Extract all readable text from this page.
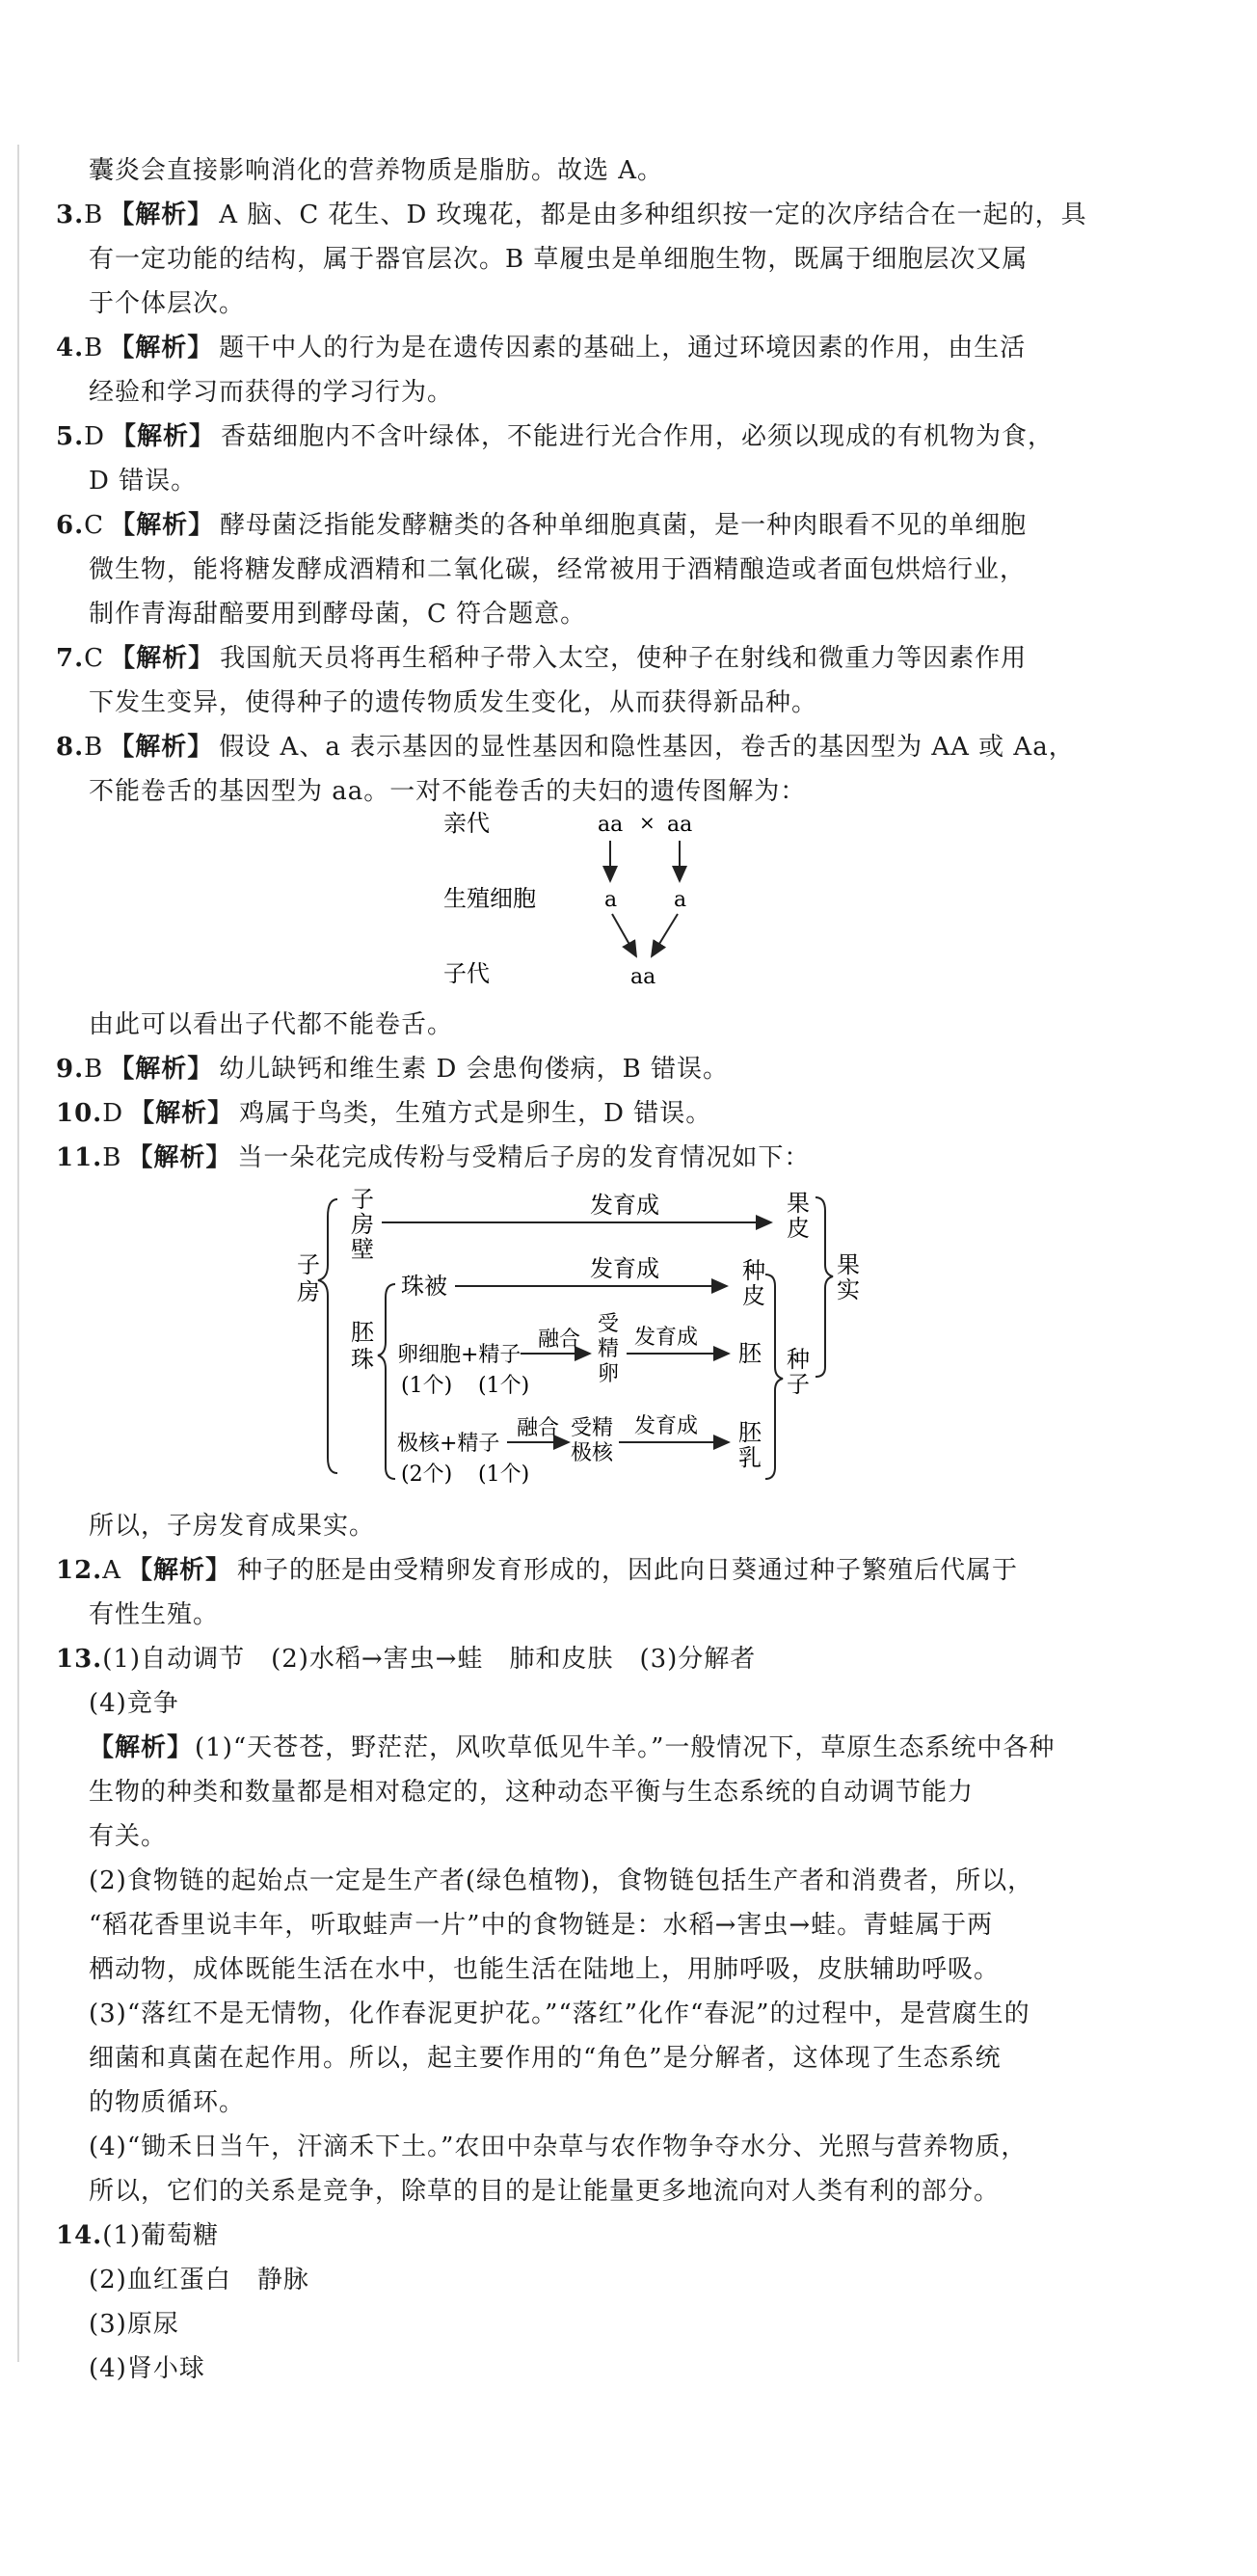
囊炎会直接影响消化的营养物质是脂肪。故选 A。
3.B 【解析】 A 脑、C 花生、D 玫瑰花，都是由多种组织按一定的次序结合在一起的，具
有一定功能的结构，属于器官层次。B 草履虫是单细胞生物，既属于细胞层次又属
于个体层次。
4.B 【解析】 题干中人的行为是在遗传因素的基础上，通过环境因素的作用，由生活
经验和学习而获得的学习行为。
5.D 【解析】 香菇细胞内不含叶绿体，不能进行光合作用，必须以现成的有机物为食，
D 错误。
6.C 【解析】 酵母菌泛指能发酵糖类的各种单细胞真菌，是一种肉眼看不见的单细胞
微生物，能将糖发酵成酒精和二氧化碳，经常被用于酒精酿造或者面包烘焙行业，
制作青海甜醅要用到酵母菌，C 符合题意。
7.C 【解析】 我国航天员将再生稻种子带入太空，使种子在射线和微重力等因素作用
下发生变异，使得种子的遗传物质发生变化，从而获得新品种。
8.B 【解析】 假设 A、a 表示基因的显性基因和隐性基因，卷舌的基因型为 AA 或 Aa，
不能卷舌的基因型为 aa。一对不能卷舌的夫妇的遗传图解为：
亲代
生殖细胞
子代
aa × aa
a	a
aa
由此可以看出子代都不能卷舌。
9.B 【解析】 幼儿缺钙和维生素 D 会患佝偻病，B 错误。
10.D 【解析】 鸡属于鸟类，生殖方式是卵生，D 错误。
11.B 【解析】 当一朵花完成传粉与受精后子房的发育情况如下：
子
房
子
房
壁
发育成	果
皮
胚
珠
珠被
发育成	种
皮
卵细胞+精子
(1个) (1个)
融合
受
精
卵
发育成
胚
极核+精子
(2个) (1个)
融合 受精
极核
发育成 胚
乳
种
子
果
实
所以，子房发育成果实。
12.A 【解析】 种子的胚是由受精卵发育形成的，因此向日葵通过种子繁殖后代属于
有性生殖。
13.(1)自动调节　(2)水稻→害虫→蛙　肺和皮肤　(3)分解者
(4)竞争
【解析】(1)“天苍苍，野茫茫，风吹草低见牛羊。”一般情况下，草原生态系统中各种
生物的种类和数量都是相对稳定的，这种动态平衡与生态系统的自动调节能力
有关。
(2)食物链的起始点一定是生产者(绿色植物)，食物链包括生产者和消费者，所以，
“稻花香里说丰年，听取蛙声一片”中的食物链是：水稻→害虫→蛙。青蛙属于两
栖动物，成体既能生活在水中，也能生活在陆地上，用肺呼吸，皮肤辅助呼吸。
(3)“落红不是无情物，化作春泥更护花。”“落红”化作“春泥”的过程中，是营腐生的
细菌和真菌在起作用。所以，起主要作用的“角色”是分解者，这体现了生态系统
的物质循环。
(4)“锄禾日当午，汗滴禾下土。”农田中杂草与农作物争夺水分、光照与营养物质，
所以，它们的关系是竞争，除草的目的是让能量更多地流向对人类有利的部分。
14.(1)葡萄糖
(2)血红蛋白　静脉
(3)原尿
(4)肾小球
